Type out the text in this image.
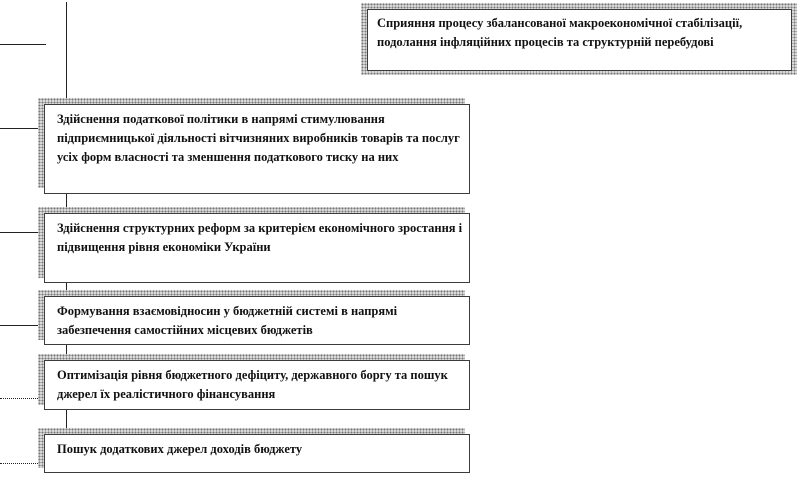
Сприяння процесу збалансованої макроекономічної стабілізації, подолання інфляційних процесів та структурній перебудові
Здійснення податкової політики в напрямі стимулювання підприємницької діяльності вітчизняних виробників товарів та послуг усіх форм власності та зменшення податкового тиску на них
Здійснення структурних реформ за критерієм економічного зростання і підвищення рівня економіки України
Формування взаємовідносин у бюджетній системі в напрямі забезпечення самостійних місцевих бюджетів
Оптимізація рівня бюджетного дефіциту, державного боргу та пошук джерел їх реалістичного фінансування
Пошук додаткових джерел доходів бюджету
